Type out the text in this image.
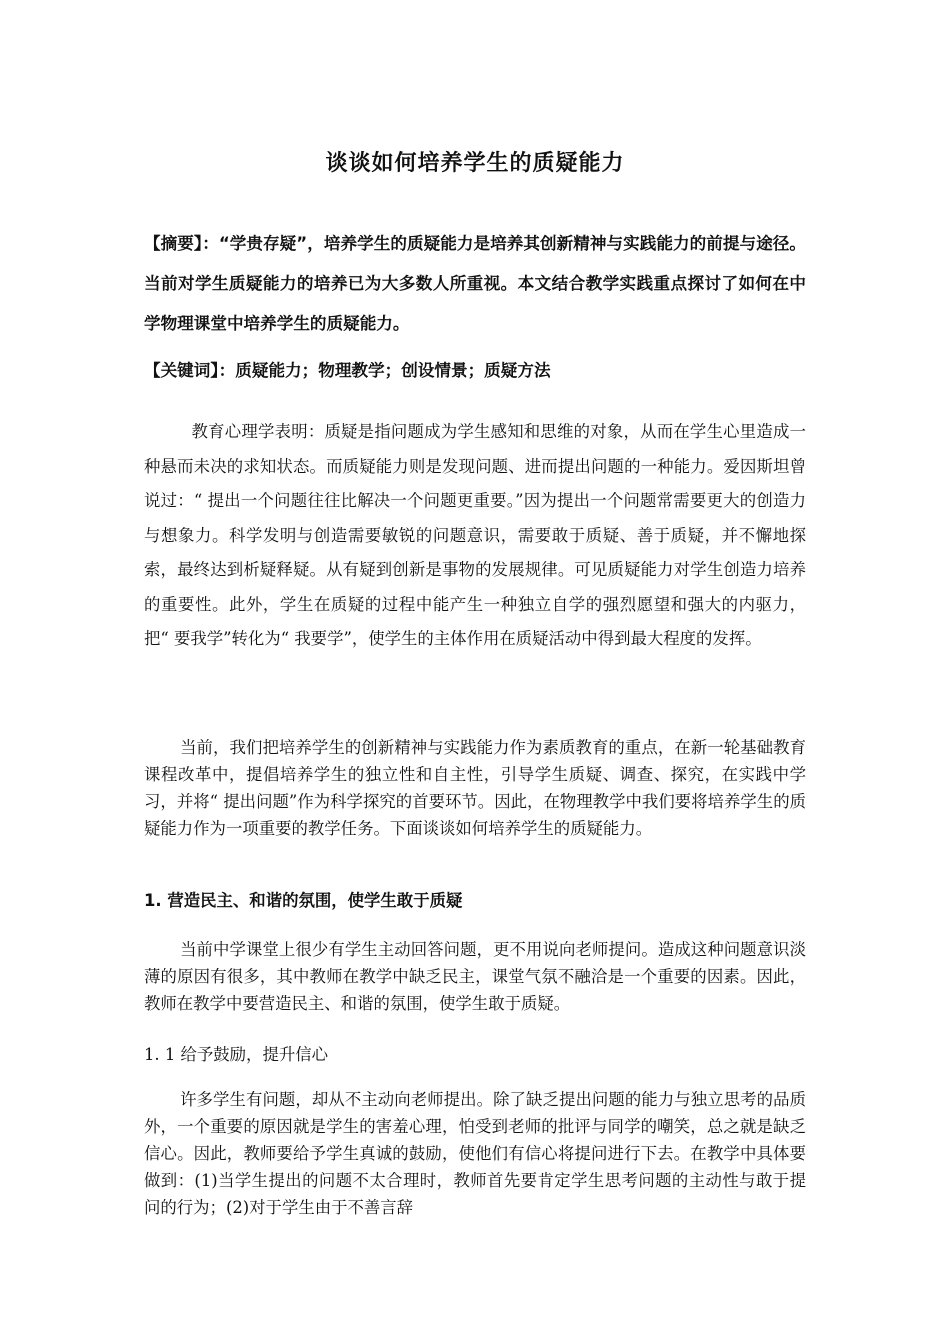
谈谈如何培养学生的质疑能力

【摘要】：“学贵存疑”，培养学生的质疑能力是培养其创新精神与实践能力的前提与途径。当前对学生质疑能力的培养已为大多数人所重视。本文结合教学实践重点探讨了如何在中学物理课堂中培养学生的质疑能力。

【关键词】：质疑能力；物理教学；创设情景；质疑方法

教育心理学表明：质疑是指问题成为学生感知和思维的对象，从而在学生心里造成一种悬而未决的求知状态。而质疑能力则是发现问题、进而提出问题的一种能力。爱因斯坦曾说过：“ 提出一个问题往往比解决一个问题更重要。”因为提出一个问题常需要更大的创造力与想象力。科学发明与创造需要敏锐的问题意识，需要敢于质疑、善于质疑，并不懈地探索，最终达到析疑释疑。从有疑到创新是事物的发展规律。可见质疑能力对学生创造力培养的重要性。此外，学生在质疑的过程中能产生一种独立自学的强烈愿望和强大的内驱力，把“ 要我学”转化为“ 我要学”，使学生的主体作用在质疑活动中得到最大程度的发挥。

当前，我们把培养学生的创新精神与实践能力作为素质教育的重点，在新一轮基础教育课程改革中，提倡培养学生的独立性和自主性，引导学生质疑、调查、探究，在实践中学习，并将“ 提出问题”作为科学探究的首要环节。因此，在物理教学中我们要将培养学生的质疑能力作为一项重要的教学任务。下面谈谈如何培养学生的质疑能力。

1. 营造民主、和谐的氛围，使学生敢于质疑

当前中学课堂上很少有学生主动回答问题，更不用说向老师提问。造成这种问题意识淡薄的原因有很多，其中教师在教学中缺乏民主，课堂气氛不融洽是一个重要的因素。因此，教师在教学中要营造民主、和谐的氛围，使学生敢于质疑。

1. 1 给予鼓励，提升信心

许多学生有问题，却从不主动向老师提出。除了缺乏提出问题的能力与独立思考的品质外，一个重要的原因就是学生的害羞心理，怕受到老师的批评与同学的嘲笑，总之就是缺乏信心。因此，教师要给予学生真诚的鼓励，使他们有信心将提问进行下去。在教学中具体要做到：(1)当学生提出的问题不太合理时，教师首先要肯定学生思考问题的主动性与敢于提问的行为；(2)对于学生由于不善言辞
